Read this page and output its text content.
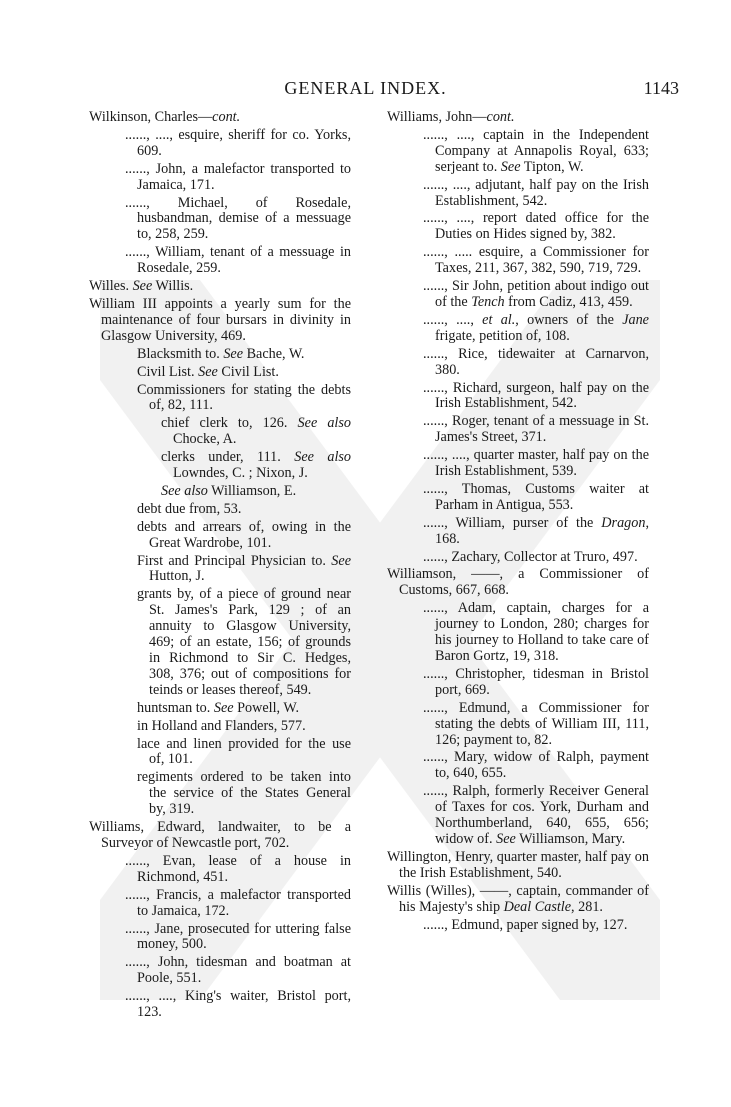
GENERAL INDEX.	1143
Wilkinson, Charles—cont.
......, ...., esquire, sheriff for co. Yorks, 609.
......, John, a malefactor transported to Jamaica, 171.
......, Michael, of Rosedale, husbandman, demise of a messuage to, 258, 259.
......, William, tenant of a messuage in Rosedale, 259.
Willes. See Willis.
William III appoints a yearly sum for the maintenance of four bursars in divinity in Glasgow University, 469.
Blacksmith to. See Bache, W.
Civil List. See Civil List.
Commissioners for stating the debts of, 82, 111.
chief clerk to, 126. See also Chocke, A.
clerks under, 111. See also Lowndes, C. ; Nixon, J.
See also Williamson, E.
debt due from, 53.
debts and arrears of, owing in the Great Wardrobe, 101.
First and Principal Physician to. See Hutton, J.
grants by, of a piece of ground near St. James's Park, 129 ; of an annuity to Glasgow University, 469; of an estate, 156; of grounds in Richmond to Sir C. Hedges, 308, 376; out of compositions for teinds or leases thereof, 549.
huntsman to. See Powell, W.
in Holland and Flanders, 577.
lace and linen provided for the use of, 101.
regiments ordered to be taken into the service of the States General by, 319.
Williams, Edward, landwaiter, to be a Surveyor of Newcastle port, 702.
......, Evan, lease of a house in Richmond, 451.
......, Francis, a malefactor transported to Jamaica, 172.
......, Jane, prosecuted for uttering false money, 500.
......, John, tidesman and boatman at Poole, 551.
......, ...., King's waiter, Bristol port, 123.
Williams, John—cont.
......, ...., captain in the Independent Company at Annapolis Royal, 633; serjeant to. See Tipton, W.
......, ...., adjutant, half pay on the Irish Establishment, 542.
......, ...., report dated office for the Duties on Hides signed by, 382.
......, ..... esquire, a Commissioner for Taxes, 211, 367, 382, 590, 719, 729.
......, Sir John, petition about indigo out of the Tench from Cadiz, 413, 459.
......, ...., et al., owners of the Jane frigate, petition of, 108.
......, Rice, tidewaiter at Carnarvon, 380.
......, Richard, surgeon, half pay on the Irish Establishment, 542.
......, Roger, tenant of a messuage in St. James's Street, 371.
......, ...., quarter master, half pay on the Irish Establishment, 539.
......, Thomas, Customs waiter at Parham in Antigua, 553.
......, William, purser of the Dragon, 168.
......, Zachary, Collector at Truro, 497.
Williamson, ——, a Commissioner of Customs, 667, 668.
......, Adam, captain, charges for a journey to London, 280; charges for his journey to Holland to take care of Baron Gortz, 19, 318.
......, Christopher, tidesman in Bristol port, 669.
......, Edmund, a Commissioner for stating the debts of William III, 111, 126; payment to, 82.
......, Mary, widow of Ralph, payment to, 640, 655.
......, Ralph, formerly Receiver General of Taxes for cos. York, Durham and Northumberland, 640, 655, 656; widow of. See Williamson, Mary.
Willington, Henry, quarter master, half pay on the Irish Establishment, 540.
Willis (Willes), ——, captain, commander of his Majesty's ship Deal Castle, 281.
......, Edmund, paper signed by, 127.
